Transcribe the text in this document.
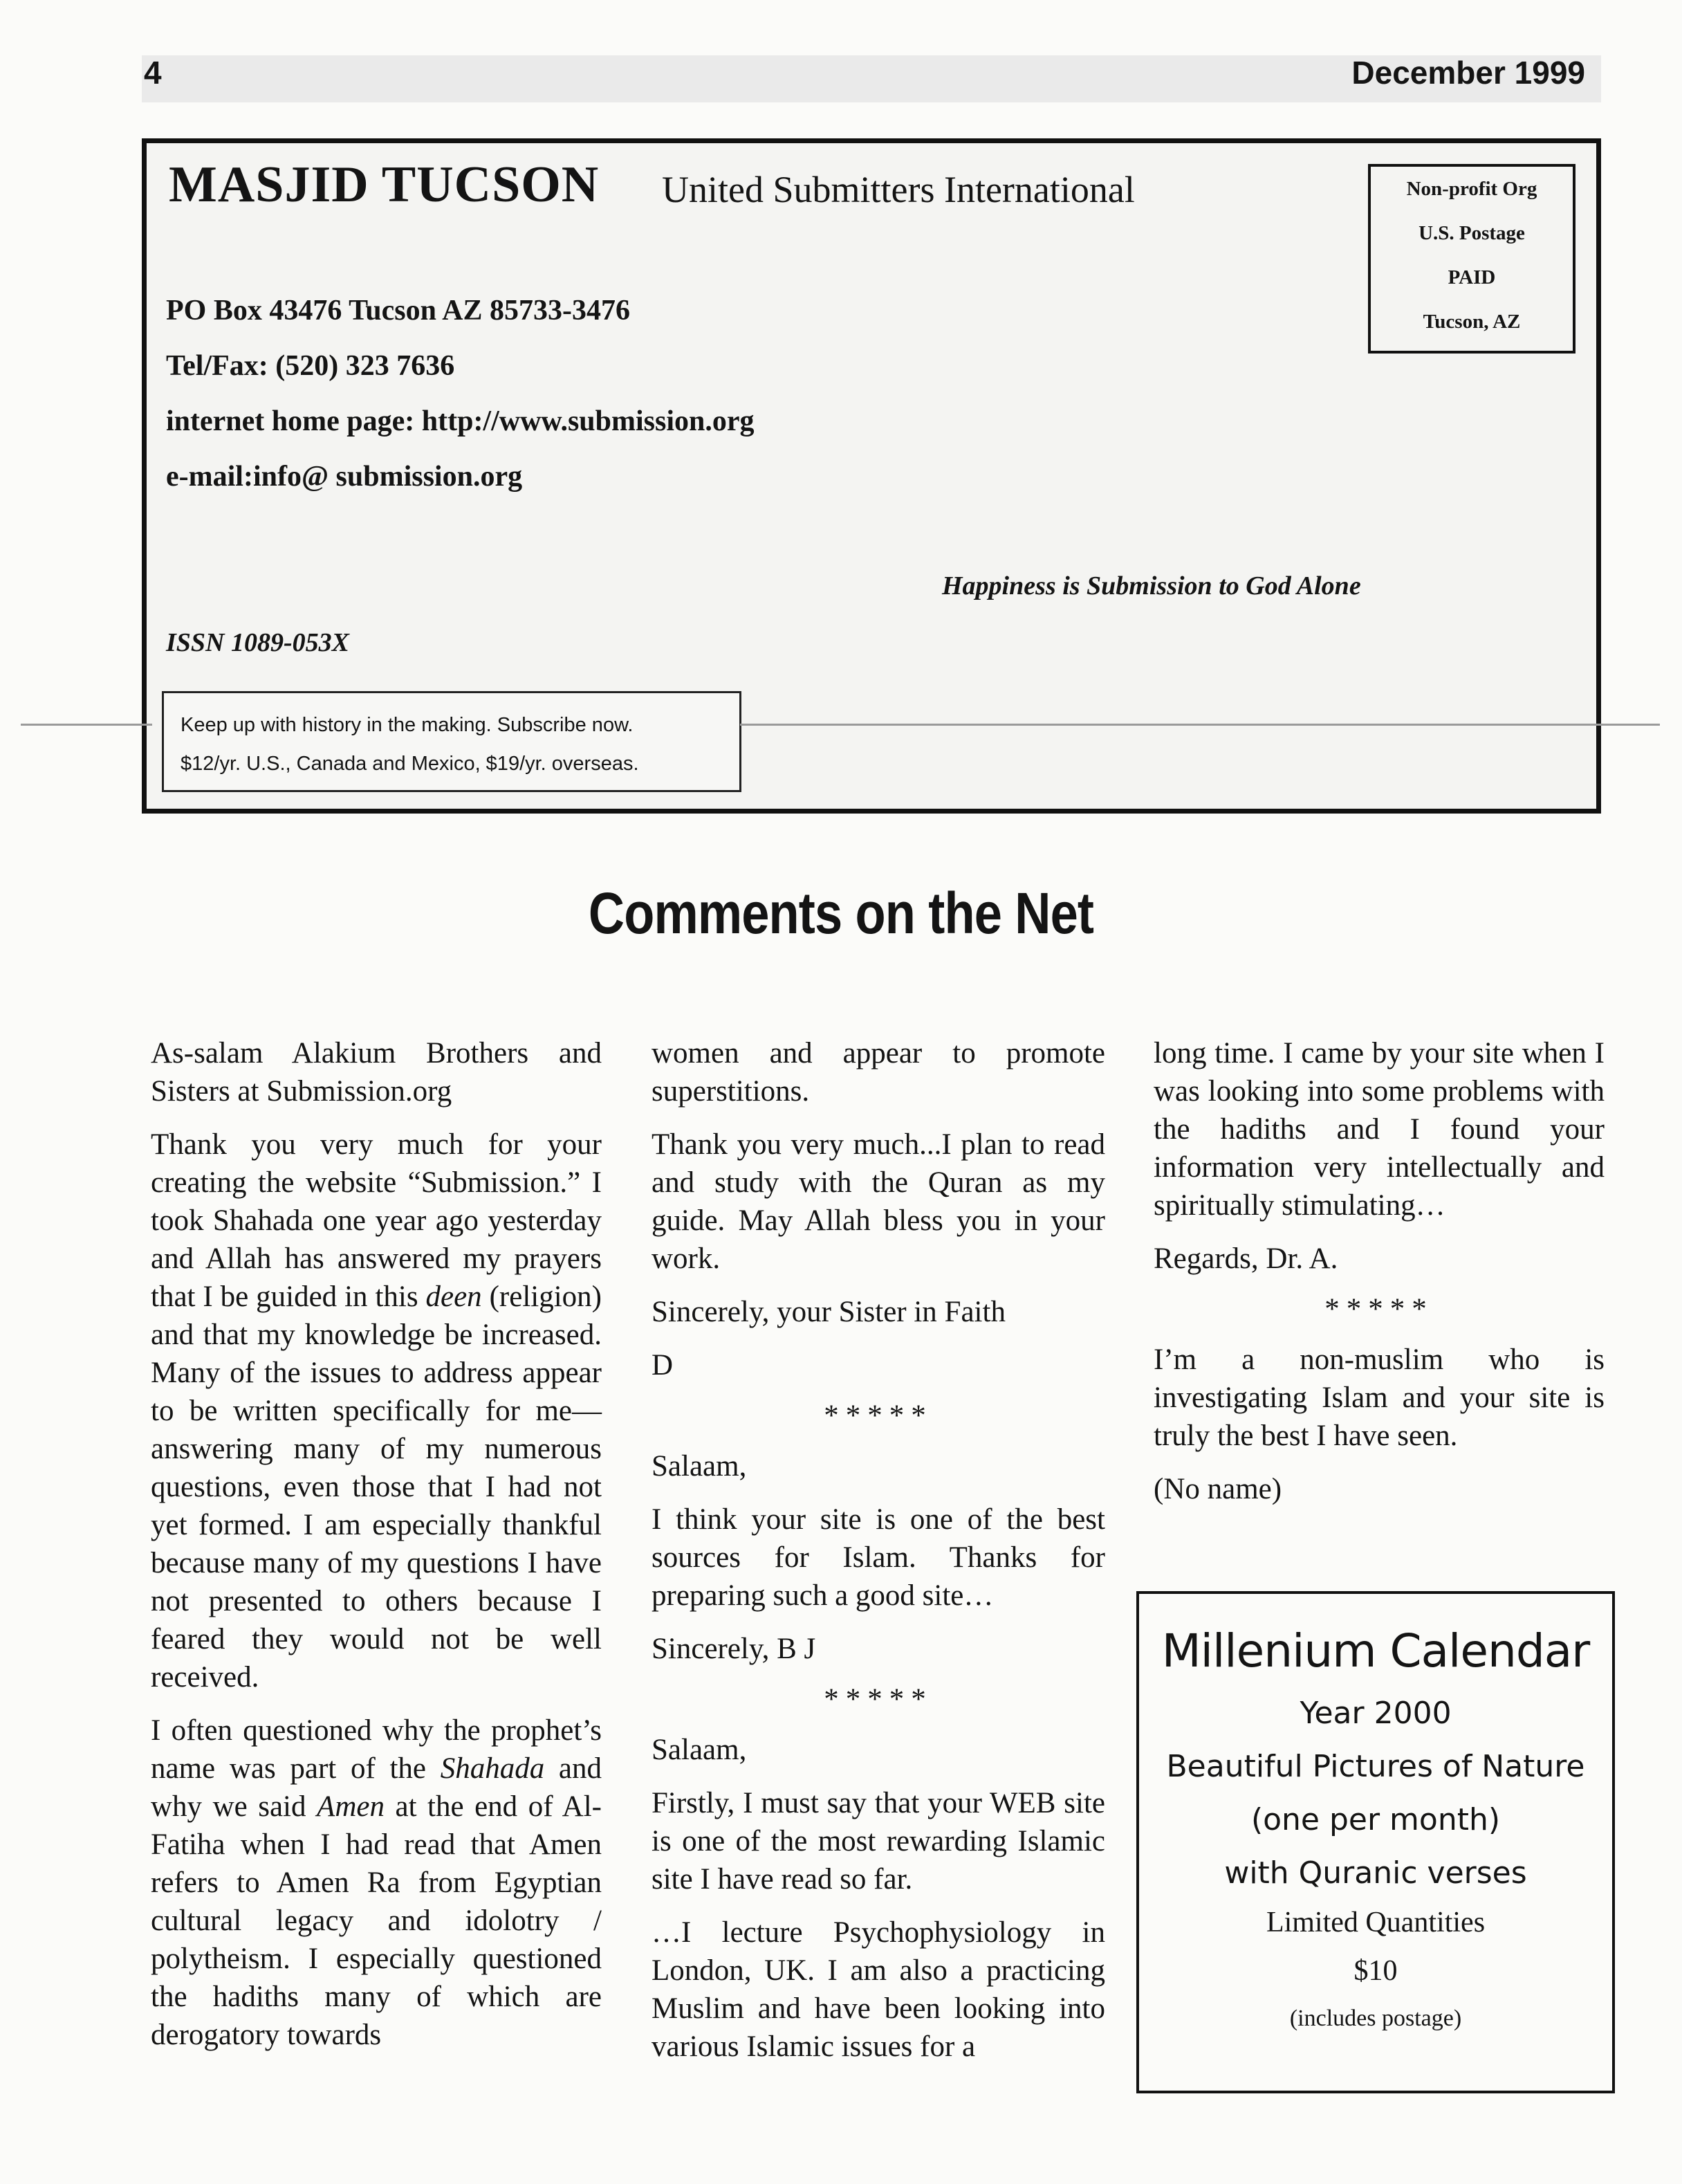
4	December 1999
MASJID TUCSON United Submitters International	Non-profit Org
U.S. Postage
PAID
Tucson, AZ
PO Box 43476 Tucson AZ 85733-3476
Tel/Fax: (520) 323 7636
internet home page: http://www.submission.org
e-mail:info@ submission.org
Happiness is Submission to God Alone
ISSN 1089-053X
Keep up with history in the making. Subscribe now.
$12/yr. U.S., Canada and Mexico, $19/yr. overseas.
Comments on the Net

As-salam Alakium Brothers and Sisters at Submission.org

Thank you very much for your creating the website “Submission.” I took Shahada one year ago yesterday and Allah has answered my prayers that I be guided in this deen (religion) and that my knowledge be increased. Many of the issues to address appear to be written specifically for me—answering many of my numerous questions, even those that I had not yet formed. I am especially thankful because many of my questions I have not presented to others because I feared they would not be well received.

I often questioned why the prophet’s name was part of the Shahada and why we said Amen at the end of Al-Fatiha when I had read that Amen refers to Amen Ra from Egyptian cultural legacy and idolotry / polytheism. I especially questioned the hadiths many of which are derogatory towards

women and appear to promote superstitions.

Thank you very much...I plan to read and study with the Quran as my guide. May Allah bless you in your work.

Sincerely, your Sister in Faith

D

*****

Salaam,

I think your site is one of the best sources for Islam. Thanks for preparing such a good site…

Sincerely, B J

*****

Salaam,

Firstly, I must say that your WEB site is one of the most rewarding Islamic site I have read so far.

…I lecture Psychophysiology in London, UK. I am also a practicing Muslim and have been looking into various Islamic issues for a

long time. I came by your site when I was looking into some problems with the hadiths and I found your information very intellectually and spiritually stimulating…

Regards, Dr. A.

*****

I’m a non-muslim who is investigating Islam and your site is truly the best I have seen.

(No name)

Millenium Calendar
Year 2000
Beautiful Pictures of Nature
(one per month)
with Quranic verses
Limited Quantities
$10
(includes postage)
